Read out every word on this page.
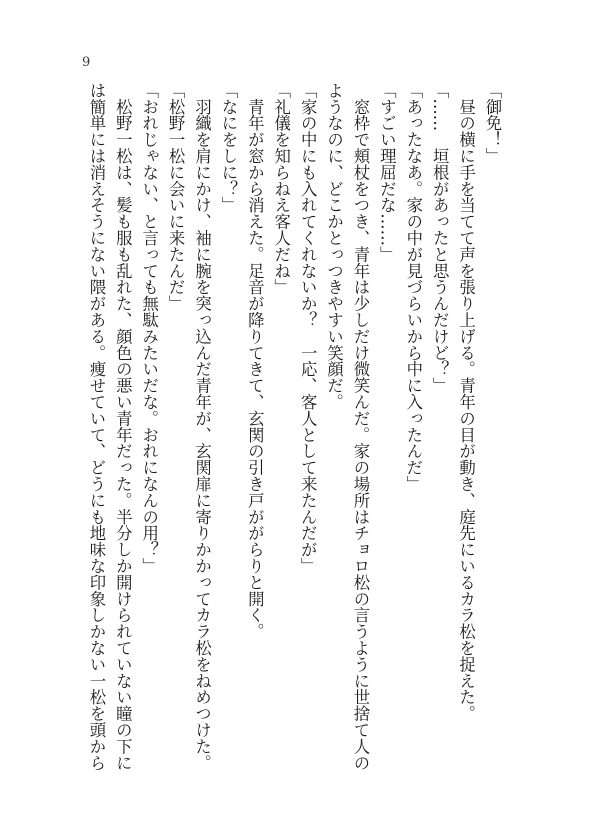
9

「御免！」

　昼の横に手を当てて声を張り上げる。青年の目が動き、庭先にいるカラ松を捉えた。

「……　垣根があったと思うんだけど？」

「あったなあ。家の中が見づらいから中に入ったんだ」

「すごい理屈だな……」

　窓枠で頬杖をつき、青年は少しだけ微笑んだ。家の場所はチョロ松の言うように世捨て人の

ようなのに、どこかとっつきやすい笑顔だ。

「家の中にも入れてくれないか？　一応、客人として来たんだが」

「礼儀を知らねえ客人だね」

　青年が窓から消えた。足音が降りてきて、玄関の引き戸ががらりと開く。

「なにをしに？」

　羽織を肩にかけ、袖に腕を突っ込んだ青年が、玄関扉に寄りかかってカラ松をねめつけた。

「松野一松に会いに来たんだ」

「おれじゃない、と言っても無駄みたいだな。おれになんの用？」

　松野一松は、髪も服も乱れた、顔色の悪い青年だった。半分しか開けられていない瞳の下に

は簡単には消えそうにない隈がある。痩せていて、どうにも地味な印象しかない一松を頭から
